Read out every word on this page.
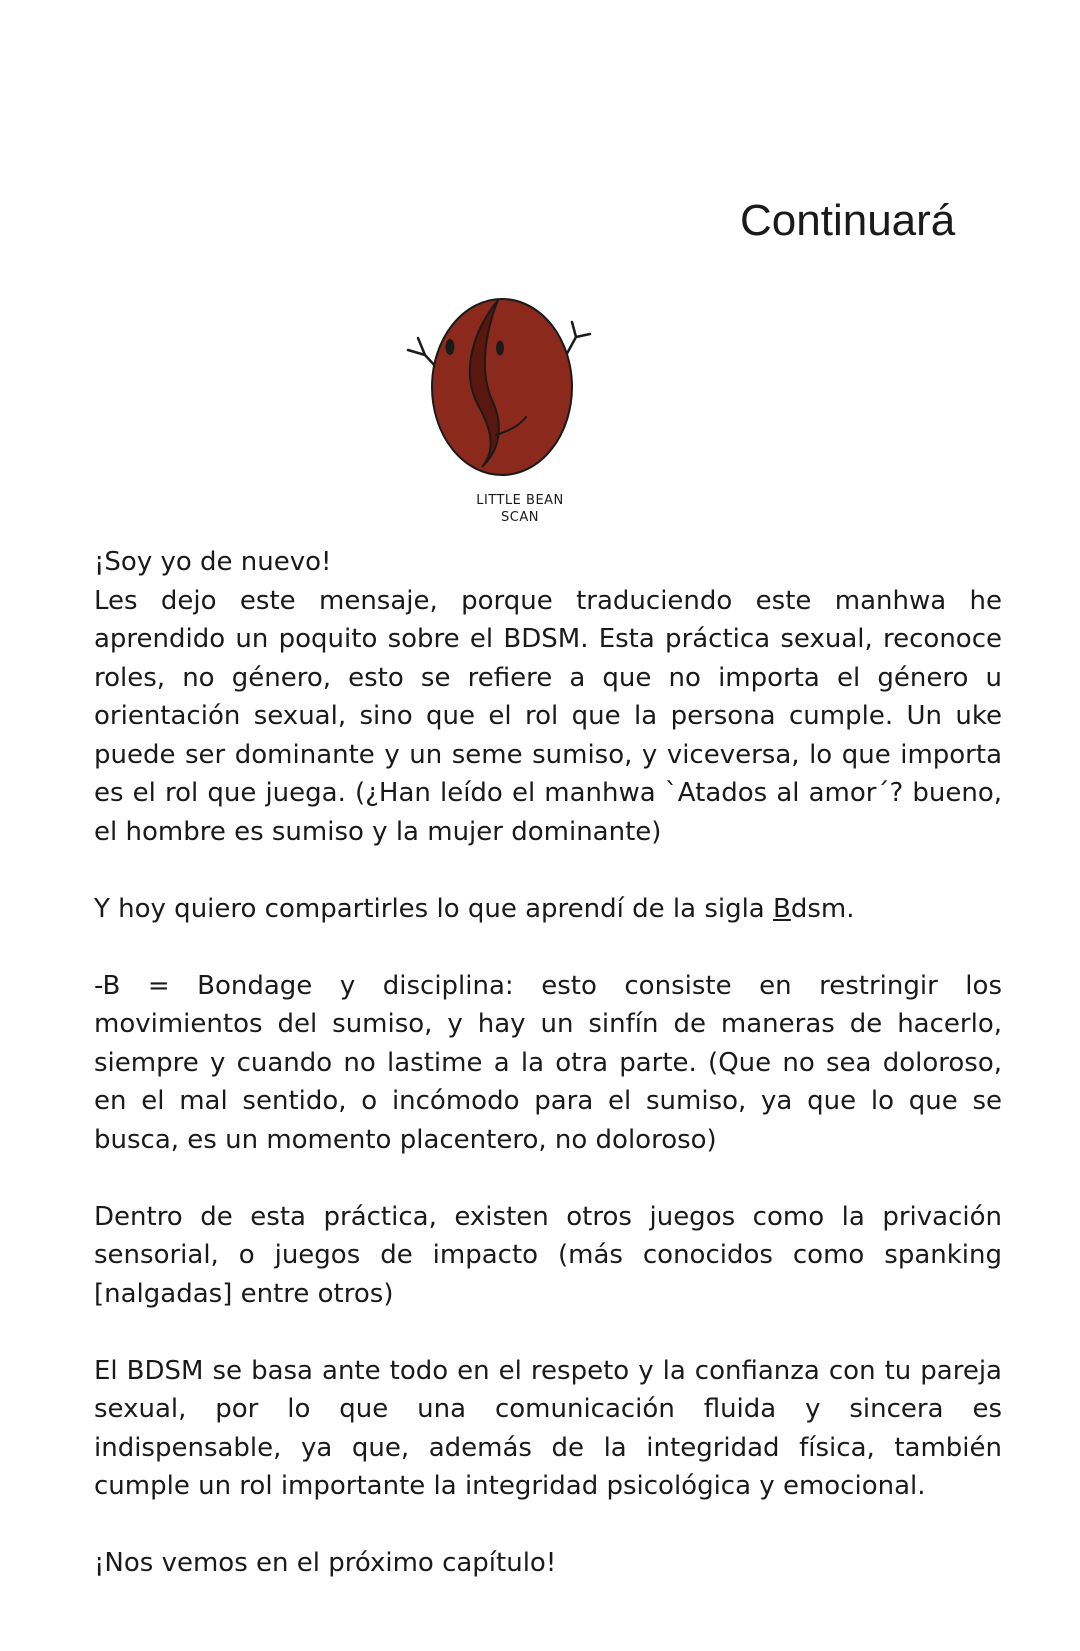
Continuará
LITTLE BEAN
SCAN

¡Soy yo de nuevo!

Les dejo este mensaje, porque traduciendo este manhwa he aprendido un poquito sobre el BDSM. Esta práctica sexual, reconoce roles, no género, esto se refiere a que no importa el género u orientación sexual, sino que el rol que la persona cumple. Un uke puede ser dominante y un seme sumiso, y viceversa, lo que importa es el rol que juega. (¿Han leído el manhwa `Atados al amor´? bueno, el hombre es sumiso y la mujer dominante)

Y hoy quiero compartirles lo que aprendí de la sigla Bdsm.

-B = Bondage y disciplina: esto consiste en restringir los movimientos del sumiso, y hay un sinfín de maneras de hacerlo, siempre y cuando no lastime a la otra parte. (Que no sea doloroso, en el mal sentido, o incómodo para el sumiso, ya que lo que se busca, es un momento placentero, no doloroso)

Dentro de esta práctica, existen otros juegos como la privación sensorial, o juegos de impacto (más conocidos como spanking [nalgadas] entre otros)

El BDSM se basa ante todo en el respeto y la confianza con tu pareja sexual, por lo que una comunicación fluida y sincera es indispensable, ya que, además de la integridad física, también cumple un rol importante la integridad psicológica y emocional.

¡Nos vemos en el próximo capítulo!
